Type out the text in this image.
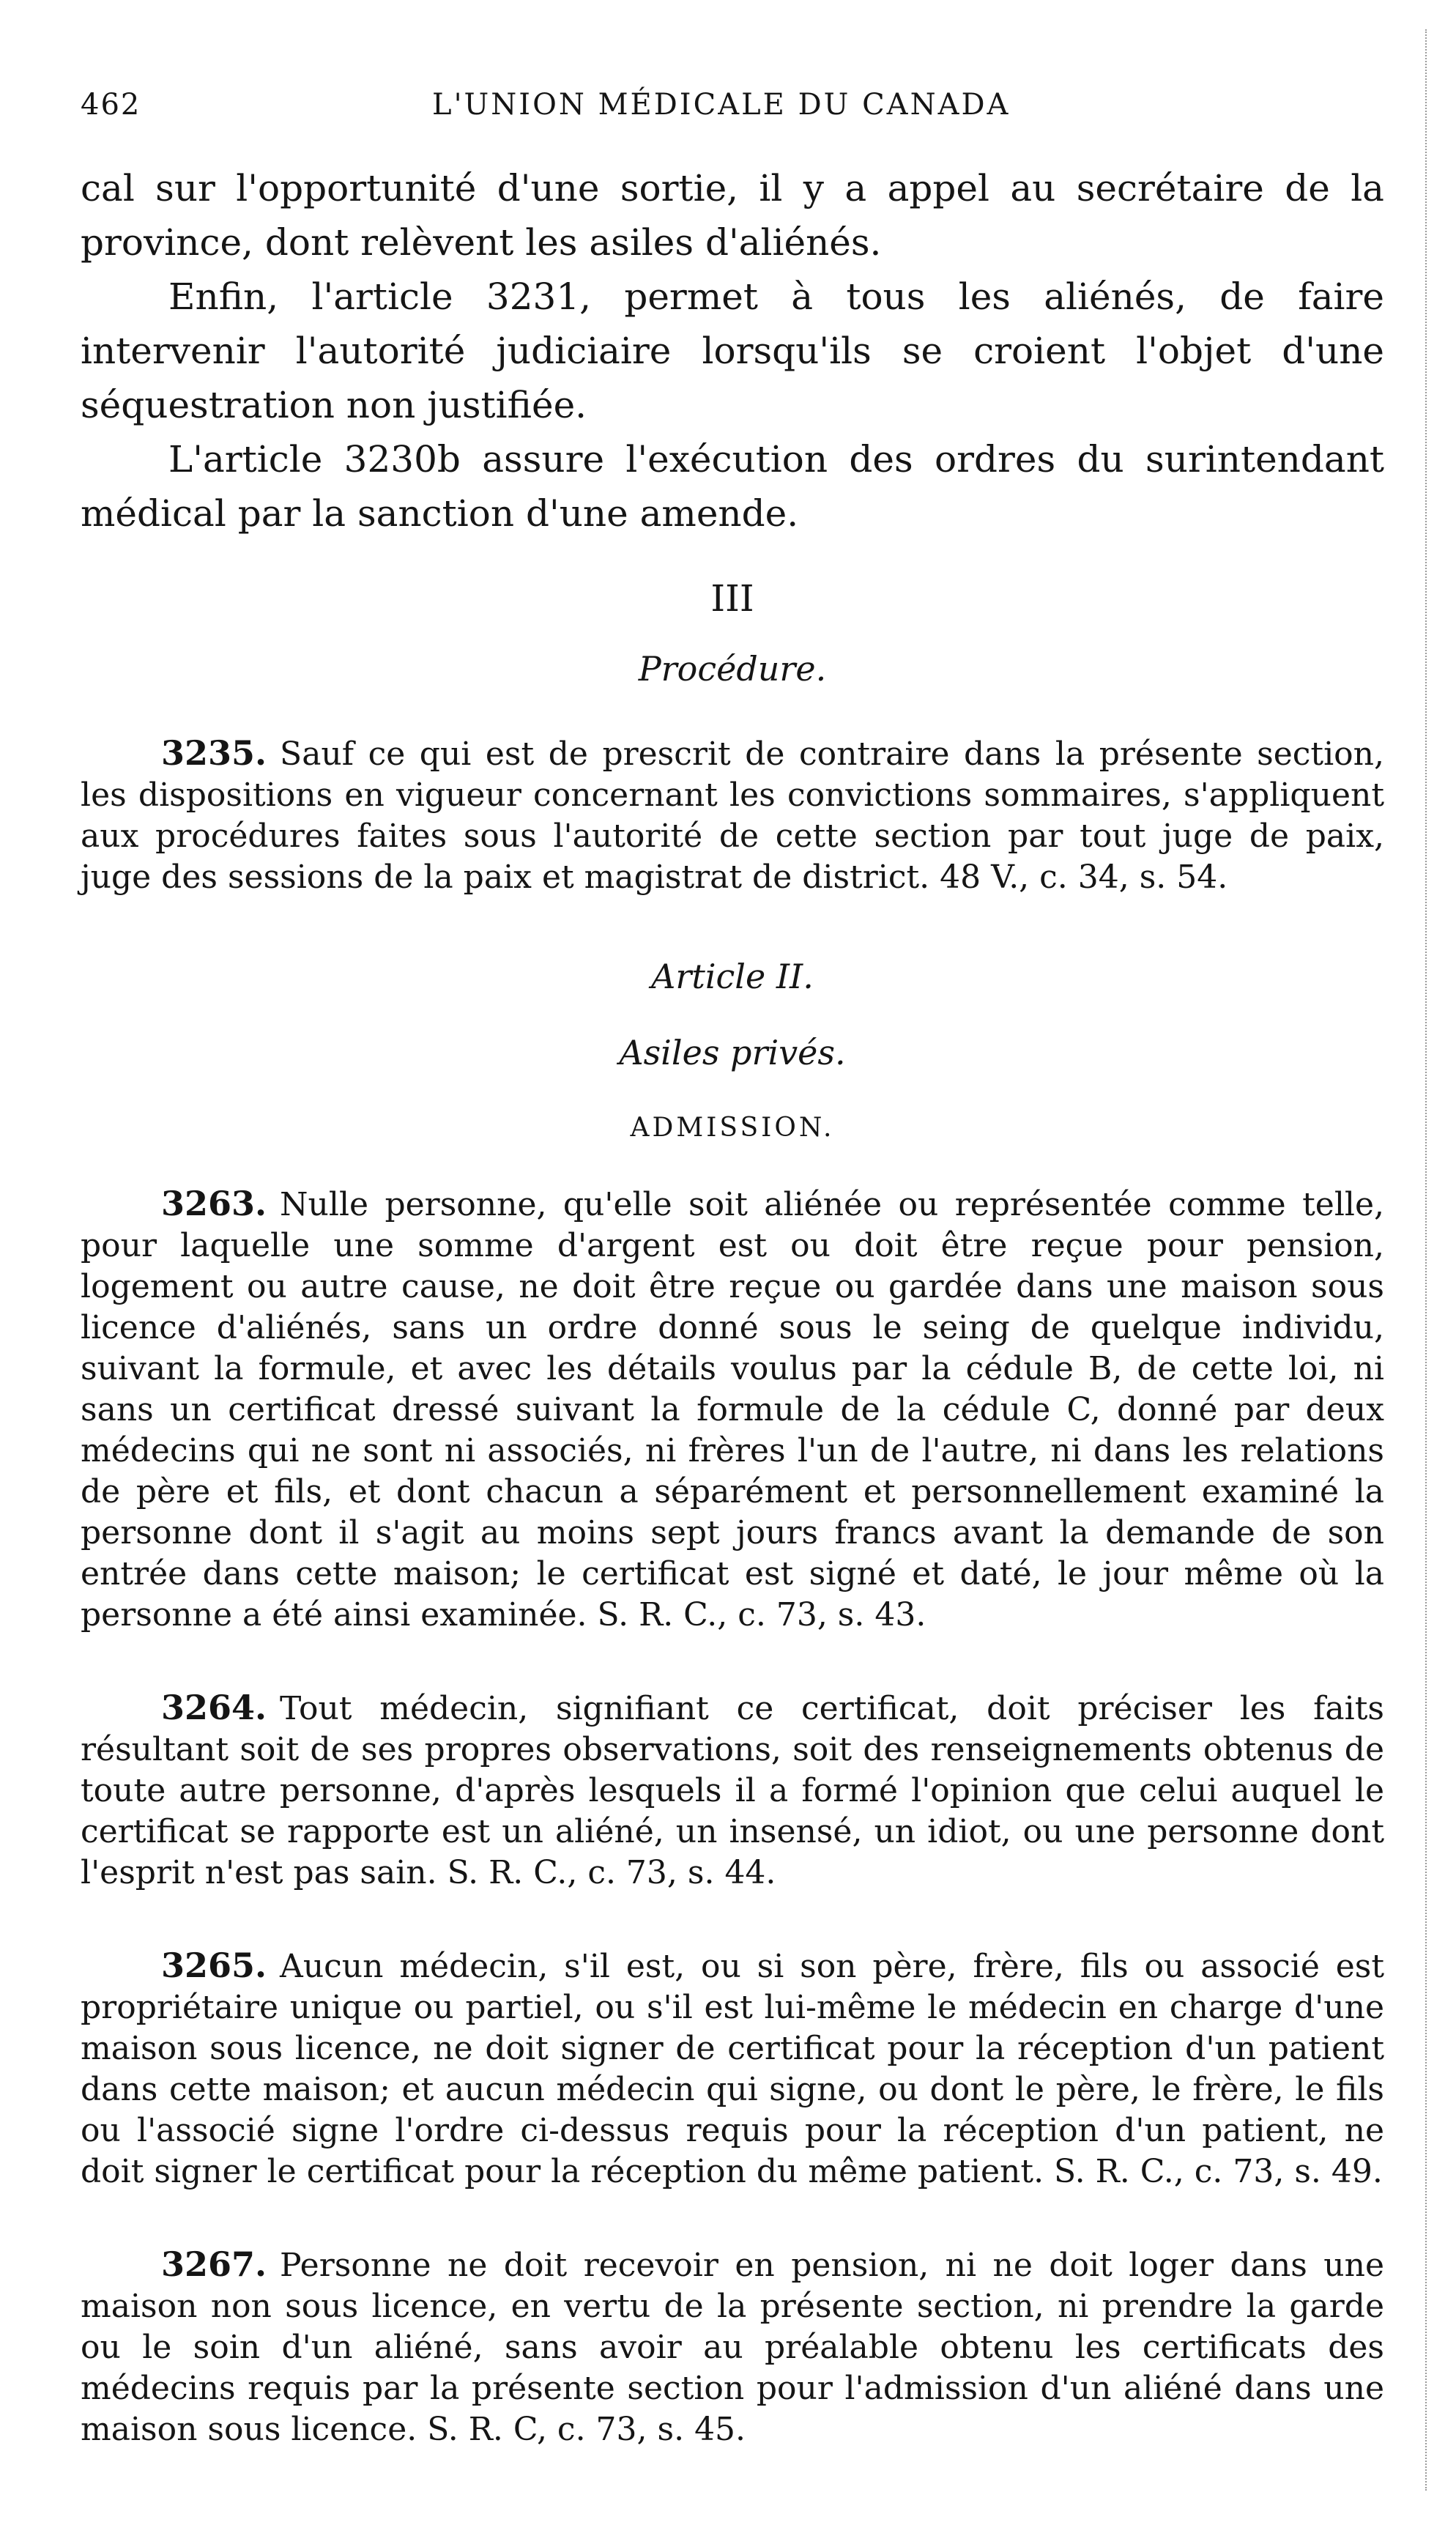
462	L'UNION MÉDICALE DU CANADA

cal sur l'opportunité d'une sortie, il y a appel au secrétaire de la province, dont relèvent les asiles d'aliénés.

Enfin, l'article 3231, permet à tous les aliénés, de faire intervenir l'autorité judiciaire lorsqu'ils se croient l'objet d'une séquestration non justifiée.

L'article 3230b assure l'exécution des ordres du surintendant médical par la sanction d'une amende.

III
Procédure.

3235. Sauf ce qui est de prescrit de contraire dans la présente section, les dispositions en vigueur concernant les convictions sommaires, s'appliquent aux procédures faites sous l'autorité de cette section par tout juge de paix, juge des sessions de la paix et magistrat de district. 48 V., c. 34, s. 54.

Article II.
Asiles privés.
ADMISSION.

3263. Nulle personne, qu'elle soit aliénée ou représentée comme telle, pour laquelle une somme d'argent est ou doit être reçue pour pension, logement ou autre cause, ne doit être reçue ou gardée dans une maison sous licence d'aliénés, sans un ordre donné sous le seing de quelque individu, suivant la formule, et avec les détails voulus par la cédule B, de cette loi, ni sans un certificat dressé suivant la formule de la cédule C, donné par deux médecins qui ne sont ni associés, ni frères l'un de l'autre, ni dans les relations de père et fils, et dont chacun a séparément et personnellement examiné la personne dont il s'agit au moins sept jours francs avant la demande de son entrée dans cette maison; le certificat est signé et daté, le jour même où la personne a été ainsi examinée. S. R. C., c. 73, s. 43.

3264. Tout médecin, signifiant ce certificat, doit préciser les faits résultant soit de ses propres observations, soit des renseignements obtenus de toute autre personne, d'après lesquels il a formé l'opinion que celui auquel le certificat se rapporte est un aliéné, un insensé, un idiot, ou une personne dont l'esprit n'est pas sain. S. R. C., c. 73, s. 44.

3265. Aucun médecin, s'il est, ou si son père, frère, fils ou associé est propriétaire unique ou partiel, ou s'il est lui-même le médecin en charge d'une maison sous licence, ne doit signer de certificat pour la réception d'un patient dans cette maison; et aucun médecin qui signe, ou dont le père, le frère, le fils ou l'associé signe l'ordre ci-dessus requis pour la réception d'un patient, ne doit signer le certificat pour la réception du même patient. S. R. C., c. 73, s. 49.

3267. Personne ne doit recevoir en pension, ni ne doit loger dans une maison non sous licence, en vertu de la présente section, ni prendre la garde ou le soin d'un aliéné, sans avoir au préalable obtenu les certificats des médecins requis par la présente section pour l'admission d'un aliéné dans une maison sous licence. S. R. C, c. 73, s. 45.
